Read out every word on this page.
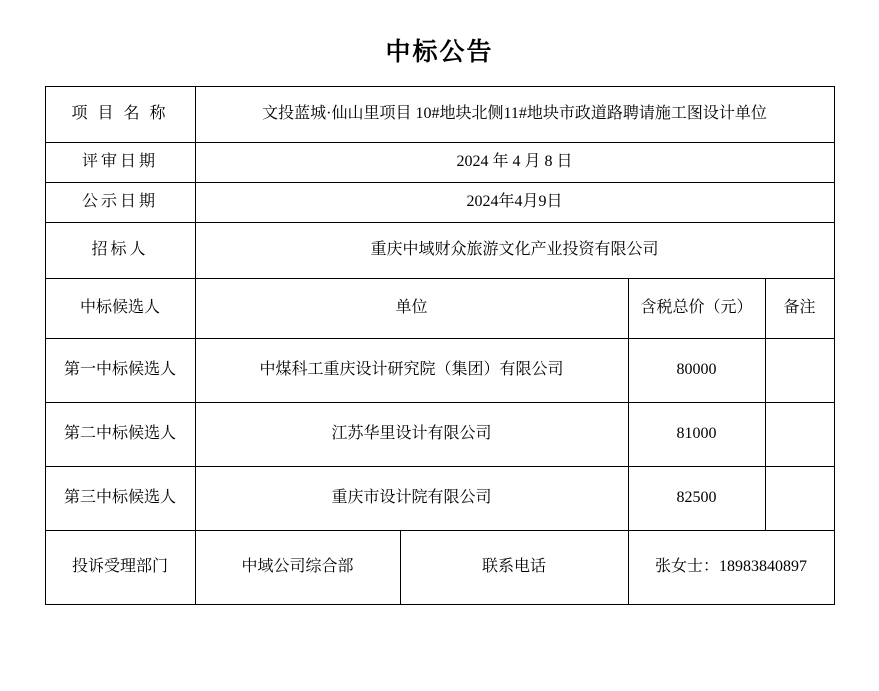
中标公告
项 目 名 称	文投蓝城·仙山里项目 10#地块北侧11#地块市政道路聘请施工图设计单位			
评审日期	2024 年 4 月 8 日			
公示日期	2024年4月9日			
招标人	重庆中域财众旅游文化产业投资有限公司			
中标候选人	单位		含税总价（元）	备注
第一中标候选人	中煤科工重庆设计研究院（集团）有限公司		80000	
第二中标候选人	江苏华里设计有限公司		81000	
第三中标候选人	重庆市设计院有限公司		82500	
投诉受理部门	中域公司综合部	联系电话	张女士：18983840897	
